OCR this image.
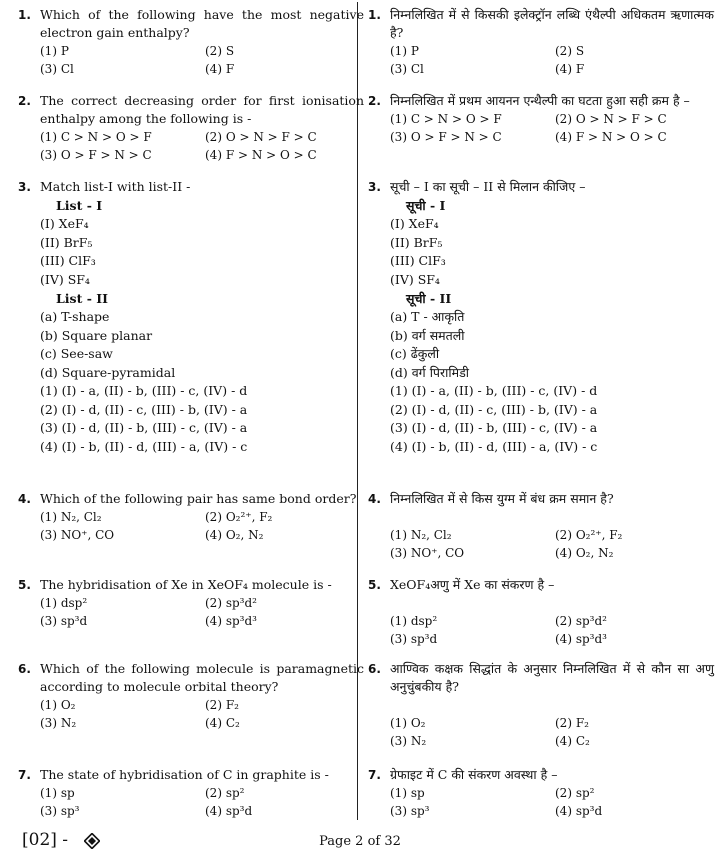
1. Which of the following have the most negative electron gain enthalpy?
(1) P	(2) S
(3) Cl	(4) F
2. The correct decreasing order for first ionisation enthalpy among the following is -
(1) C > N > O > F	(2) O > N > F > C
(3) O > F > N > C	(4) F > N > O > C
3. Match list-I with list-II -
List - I
(I) XeF₄
(II) BrF₅
(III) ClF₃
(IV) SF₄
List - II
(a) T-shape
(b) Square planar
(c) See-saw
(d) Square-pyramidal
(1) (I) - a, (II) - b, (III) - c, (IV) - d
(2) (I) - d, (II) - c, (III) - b, (IV) - a
(3) (I) - d, (II) - b, (III) - c, (IV) - a
(4) (I) - b, (II) - d, (III) - a, (IV) - c
4. Which of the following pair has same bond order?
(1) N₂, Cl₂	(2) O₂²⁺, F₂
(3) NO⁺, CO	(4) O₂, N₂
5. The hybridisation of Xe in XeOF₄ molecule is -
(1) dsp²	(2) sp³d²
(3) sp³d	(4) sp³d³
6. Which of the following molecule is paramagnetic according to molecule orbital theory?
(1) O₂	(2) F₂
(3) N₂	(4) C₂
7. The state of hybridisation of C in graphite is -
(1) sp	(2) sp²
(3) sp³	(4) sp³d
1. निम्नलिखित में से किसकी इलेक्ट्रॉन लब्धि एंथैल्पी अधिकतम ऋणात्मक है?
(1) P	(2) S
(3) Cl	(4) F
2. निम्नलिखित में प्रथम आयनन एन्थैल्पी का घटता हुआ सही क्रम है –
(1) C > N > O > F	(2) O > N > F > C
(3) O > F > N > C	(4) F > N > O > C
3. सूची – I का सूची – II से मिलान कीजिए –
सूची - I
(I) XeF₄
(II) BrF₅
(III) ClF₃
(IV) SF₄
सूची - II
(a) T - आकृति
(b) वर्ग समतली
(c) ढेंकुली
(d) वर्ग पिरामिडी
(1) (I) - a, (II) - b, (III) - c, (IV) - d
(2) (I) - d, (II) - c, (III) - b, (IV) - a
(3) (I) - d, (II) - b, (III) - c, (IV) - a
(4) (I) - b, (II) - d, (III) - a, (IV) - c
4. निम्नलिखित में से किस युग्म में बंध क्रम समान है?
(1) N₂, Cl₂	(2) O₂²⁺, F₂
(3) NO⁺, CO	(4) O₂, N₂
5. XeOF₄अणु में Xe का संकरण है –
(1) dsp²	(2) sp³d²
(3) sp³d	(4) sp³d³
6. आण्विक कक्षक सिद्धांत के अनुसार निम्नलिखित में से कौन सा अणु अनुचुंबकीय है?
(1) O₂	(2) F₂
(3) N₂	(4) C₂
7. ग्रेफाइट में C की संकरण अवस्था है –
(1) sp	(2) sp²
(3) sp³	(4) sp³d
[02] -	Page 2 of 32
